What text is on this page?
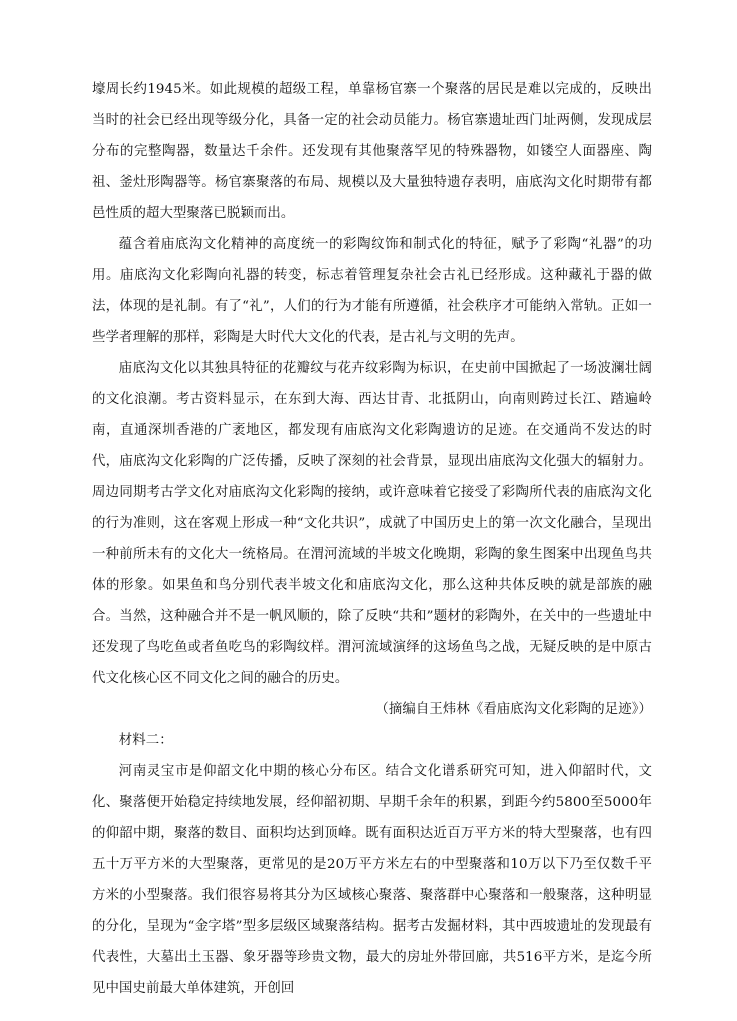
壕周长约1945米。如此规模的超级工程，单靠杨官寨一个聚落的居民是难以完成的，反映出当时的社会已经出现等级分化，具备一定的社会动员能力。杨官寨遗址西门址两侧，发现成层分布的完整陶器，数量达千余件。还发现有其他聚落罕见的特殊器物，如镂空人面器座、陶祖、釜灶形陶器等。杨官寨聚落的布局、规模以及大量独特遗存表明，庙底沟文化时期带有都邑性质的超大型聚落已脱颖而出。

蕴含着庙底沟文化精神的高度统一的彩陶纹饰和制式化的特征，赋予了彩陶“礼器”的功用。庙底沟文化彩陶向礼器的转变，标志着管理复杂社会古礼已经形成。这种藏礼于器的做法，体现的是礼制。有了“礼”，人们的行为才能有所遵循，社会秩序才可能纳入常轨。正如一些学者理解的那样，彩陶是大时代大文化的代表，是古礼与文明的先声。

庙底沟文化以其独具特征的花瓣纹与花卉纹彩陶为标识，在史前中国掀起了一场波澜壮阔的文化浪潮。考古资料显示，在东到大海、西达甘青、北抵阴山，向南则跨过长江、踏遍岭南，直通深圳香港的广袤地区，都发现有庙底沟文化彩陶遗访的足迹。在交通尚不发达的时代，庙底沟文化彩陶的广泛传播，反映了深刻的社会背景，显现出庙底沟文化强大的辐射力。周边同期考古学文化对庙底沟文化彩陶的接纳，或许意味着它接受了彩陶所代表的庙底沟文化的行为准则，这在客观上形成一种“文化共识”，成就了中国历史上的第一次文化融合，呈现出一种前所未有的文化大一统格局。在渭河流域的半坡文化晚期，彩陶的象生图案中出现鱼鸟共体的形象。如果鱼和鸟分别代表半坡文化和庙底沟文化，那么这种共体反映的就是部族的融合。当然，这种融合并不是一帆风顺的，除了反映“共和”题材的彩陶外，在关中的一些遗址中还发现了鸟吃鱼或者鱼吃鸟的彩陶纹样。渭河流域演绎的这场鱼鸟之战，无疑反映的是中原古代文化核心区不同文化之间的融合的历史。

（摘编自王炜林《看庙底沟文化彩陶的足迹》）

材料二：

河南灵宝市是仰韶文化中期的核心分布区。结合文化谱系研究可知，进入仰韶时代，文化、聚落便开始稳定持续地发展，经仰韶初期、早期千余年的积累，到距今约5800至5000年的仰韶中期，聚落的数目、面积均达到顶峰。既有面积达近百万平方米的特大型聚落，也有四五十万平方米的大型聚落，更常见的是20万平方米左右的中型聚落和10万以下乃至仅数千平方米的小型聚落。我们很容易将其分为区域核心聚落、聚落群中心聚落和一般聚落，这种明显的分化，呈现为“金字塔”型多层级区域聚落结构。据考古发掘材料，其中西坡遗址的发现最有代表性，大墓出土玉器、象牙器等珍贵文物，最大的房址外带回廊，共516平方米，是迄今所见中国史前最大单体建筑，开创回
